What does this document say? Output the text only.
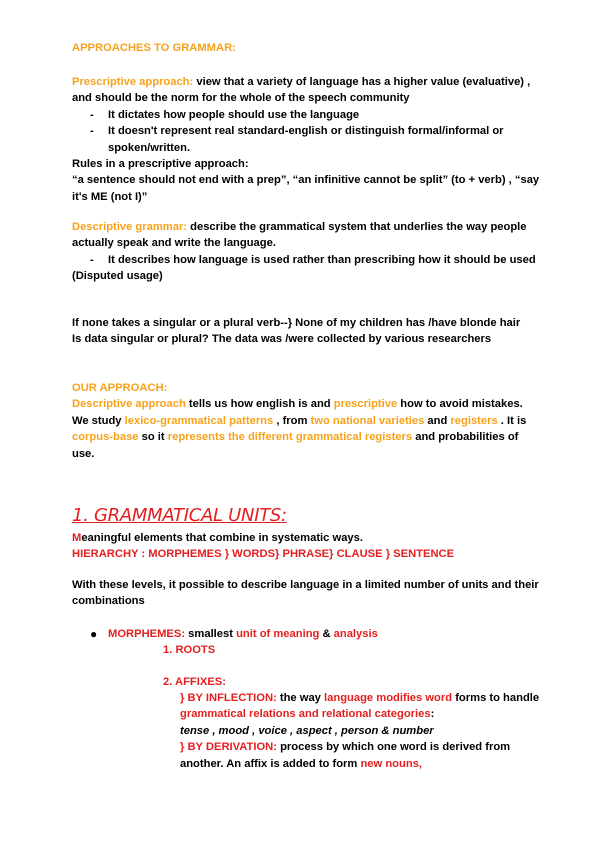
APPROACHES TO GRAMMAR:

Prescriptive approach: view that a variety of language has a higher value (evaluative) , and should be the norm for the whole of the speech community

- It dictates how people should use the language

- It doesn't represent real standard-english or distinguish formal/informal or spoken/written.

Rules in a prescriptive approach:

“a sentence should not end with a prep”, “an infinitive cannot be split” (to + verb) , “say it's ME (not I)”

Descriptive grammar: describe the grammatical system that underlies the way people actually speak and write the language.

- It describes how language is used rather than prescribing how it should be used

(Disputed usage)

If none takes a singular or a plural verb--} None of my children has /have blonde hair

Is data singular or plural? The data was /were collected by various researchers

OUR APPROACH:

Descriptive approach tells us how english is and prescriptive how to avoid mistakes.

We study lexico-grammatical patterns , from two national varieties and registers . It is corpus-base so it represents the different grammatical registers and probabilities of use.

1. GRAMMATICAL UNITS:

Meaningful elements that combine in systematic ways.

HIERARCHY : MORPHEMES } WORDS} PHRASE} CLAUSE } SENTENCE

With these levels, it possible to describe language in a limited number of units and their combinations

● MORPHEMES: smallest unit of meaning & analysis

1. ROOTS

2. AFFIXES:

} BY INFLECTION: the way language modifies word forms to handle grammatical relations and relational categories:

tense , mood , voice , aspect , person & number

} BY DERIVATION: process by which one word is derived from another. An affix is added to form new nouns,
